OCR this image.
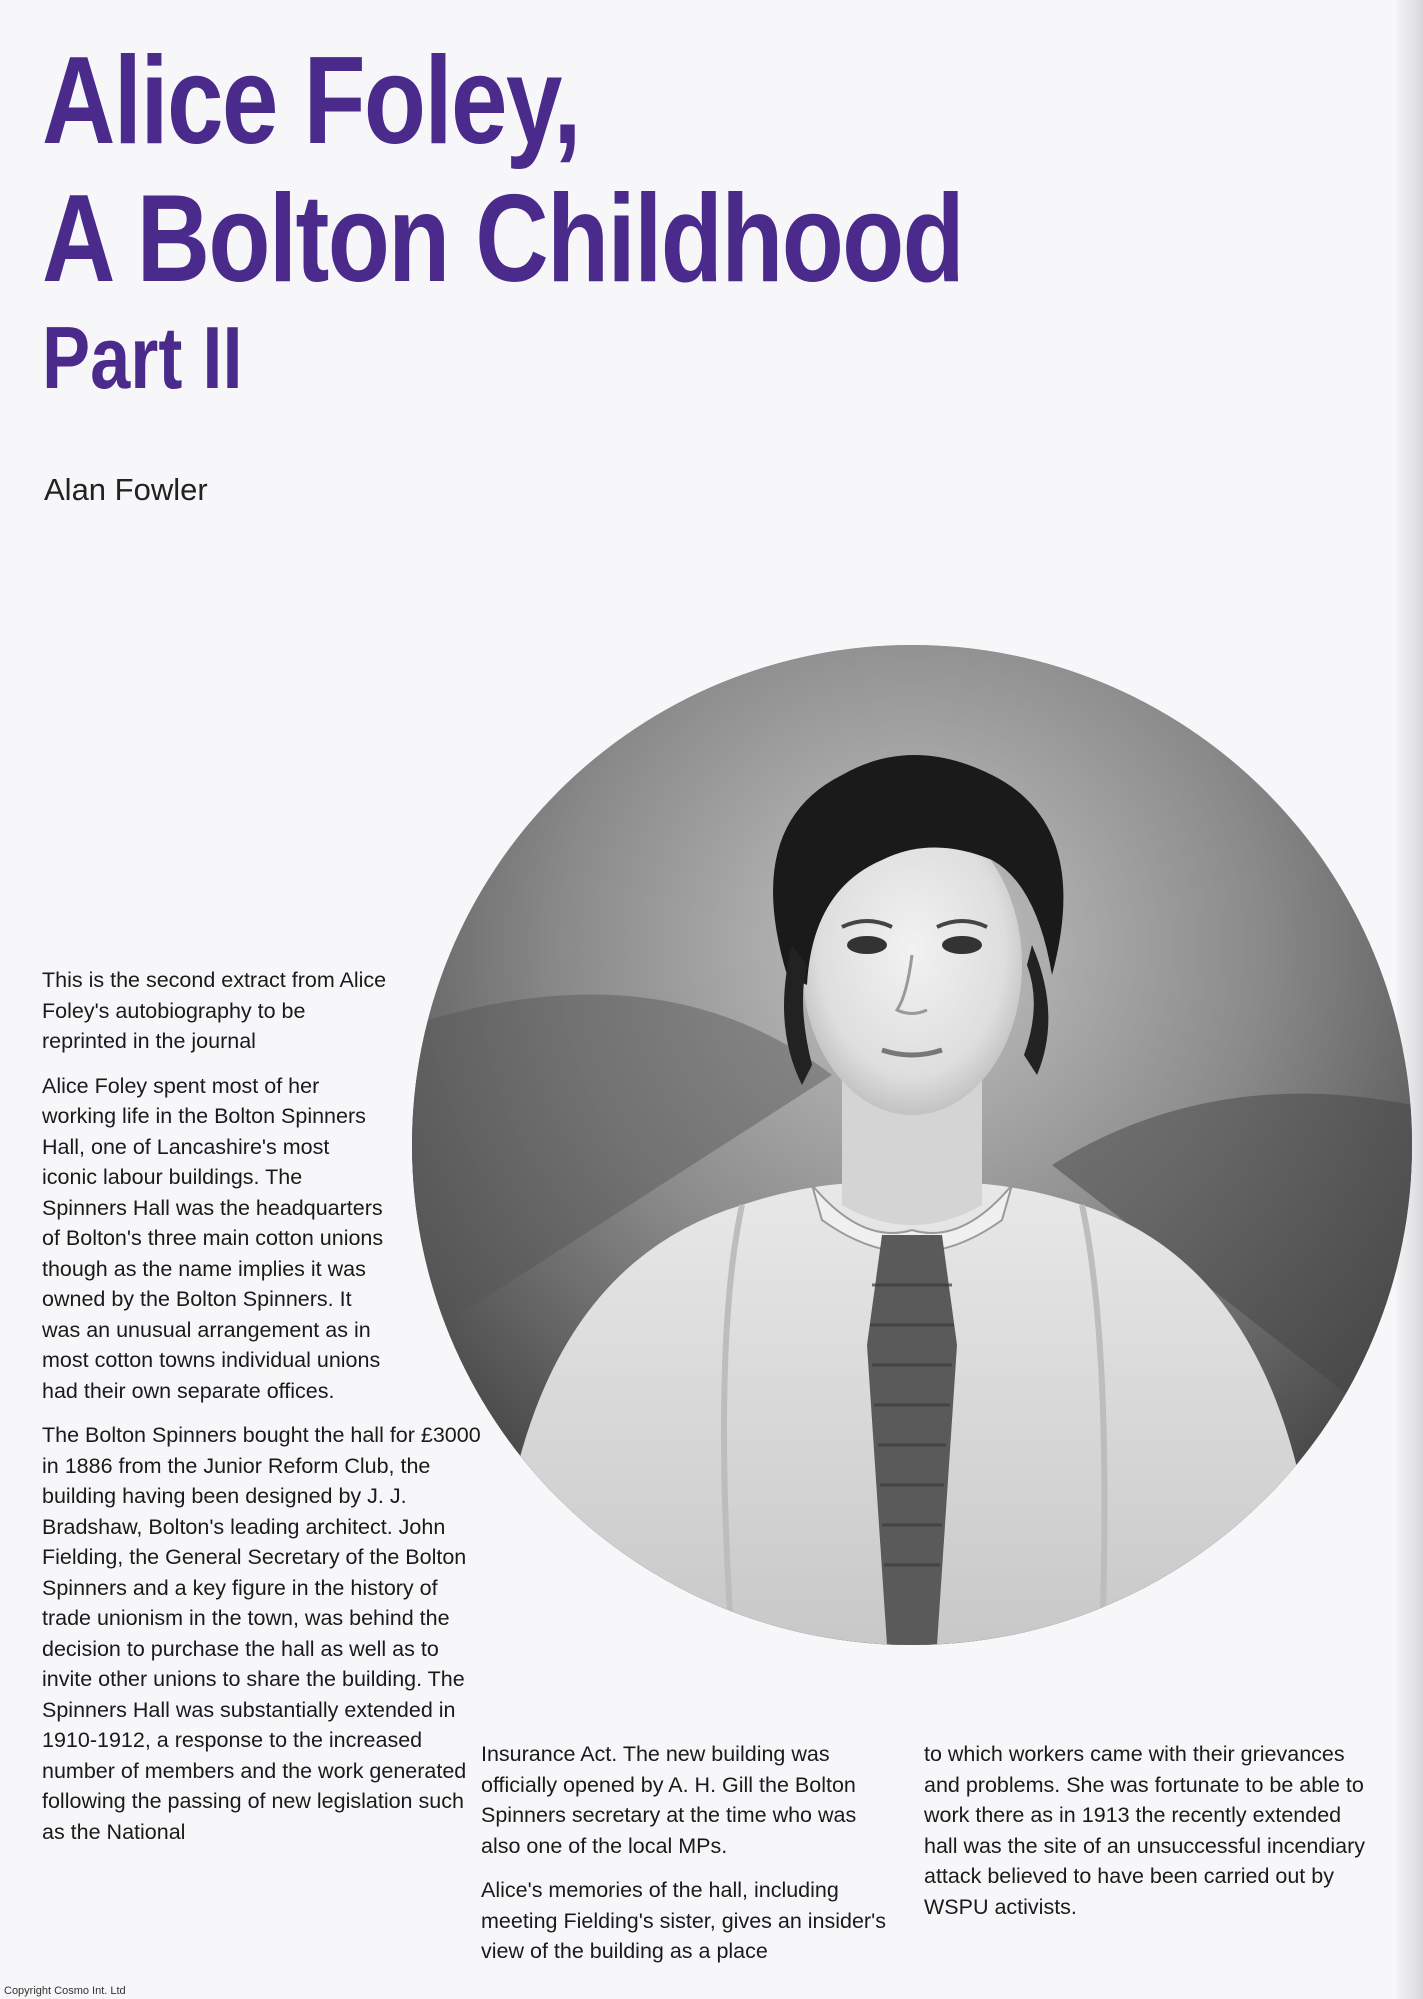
Alice Foley,
A Bolton Childhood
Part II
Alan Fowler

This is the second extract from Alice Foley's autobiography to be reprinted in the journal

Alice Foley spent most of her working life in the Bolton Spinners Hall, one of Lancashire's most iconic labour buildings. The Spinners Hall was the headquarters of Bolton's three main cotton unions though as the name implies it was owned by the Bolton Spinners. It was an unusual arrangement as in most cotton towns individual unions had their own separate offices.

The Bolton Spinners bought the hall for £3000 in 1886 from the Junior Reform Club, the building having been designed by J. J. Bradshaw, Bolton's leading architect. John Fielding, the General Secretary of the Bolton Spinners and a key figure in the history of trade unionism in the town, was behind the decision to purchase the hall as well as to invite other unions to share the building. The Spinners Hall was substantially extended in 1910-1912, a response to the increased number of members and the work generated following the passing of new legislation such as the National

Insurance Act. The new building was officially opened by A. H. Gill the Bolton Spinners secretary at the time who was also one of the local MPs.

Alice's memories of the hall, including meeting Fielding's sister, gives an insider's view of the building as a place

to which workers came with their grievances and problems. She was fortunate to be able to work there as in 1913 the recently extended hall was the site of an unsuccessful incendiary attack believed to have been carried out by WSPU activists.

Copyright Cosmo Int. Ltd
